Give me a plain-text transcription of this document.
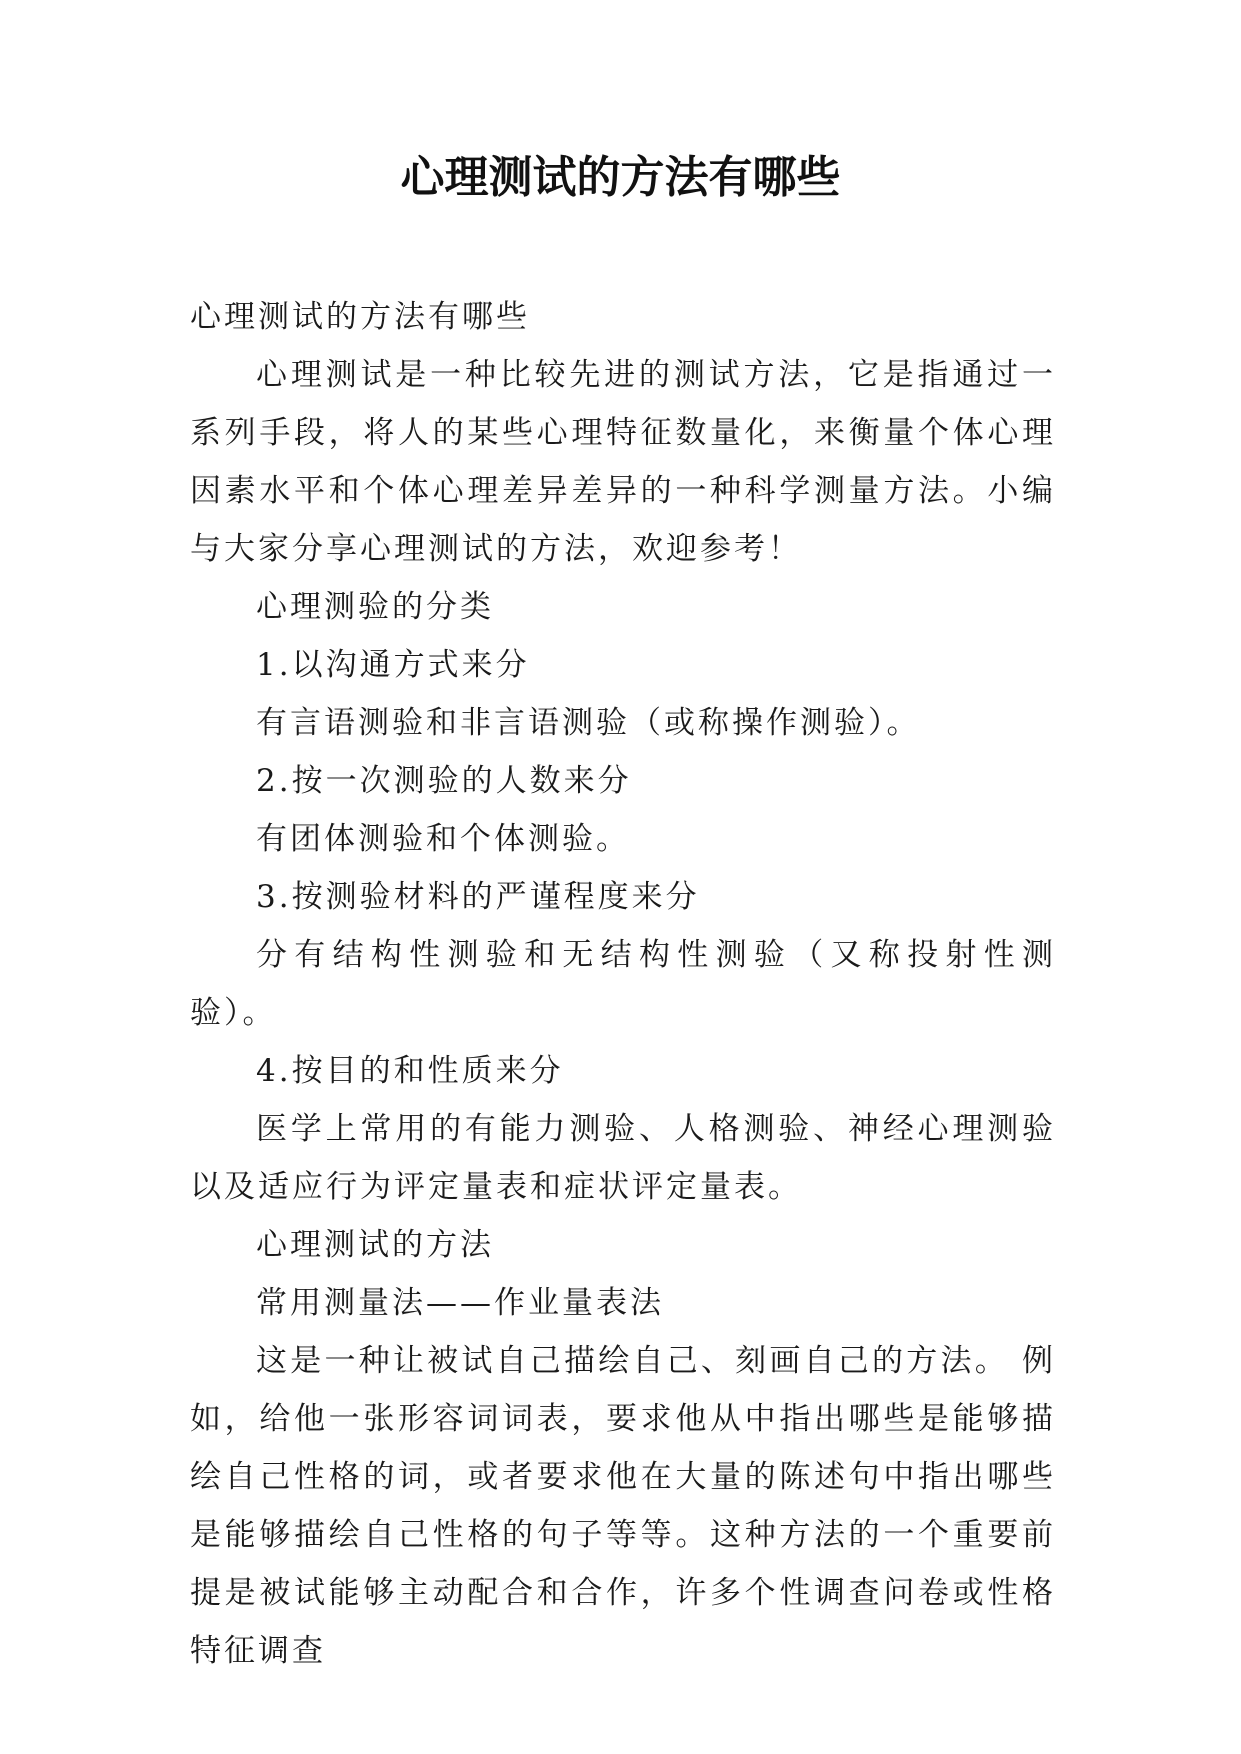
心理测试的方法有哪些

心理测试的方法有哪些

心理测试是一种比较先进的测试方法，它是指通过一系列手段，将人的某些心理特征数量化，来衡量个体心理因素水平和个体心理差异差异的一种科学测量方法。小编与大家分享心理测试的方法，欢迎参考！

心理测验的分类

1.以沟通方式来分

有言语测验和非言语测验（或称操作测验）。

2.按一次测验的人数来分

有团体测验和个体测验。

3.按测验材料的严谨程度来分

分有结构性测验和无结构性测验（又称投射性测验）。

4.按目的和性质来分

医学上常用的有能力测验、人格测验、神经心理测验以及适应行为评定量表和症状评定量表。

心理测试的方法

常用测量法——作业量表法

这是一种让被试自己描绘自己、刻画自己的方法。 例如，给他一张形容词词表，要求他从中指出哪些是能够描绘自己性格的词，或者要求他在大量的陈述句中指出哪些是能够描绘自己性格的句子等等。这种方法的一个重要前提是被试能够主动配合和合作，许多个性调查问卷或性格特征调查
